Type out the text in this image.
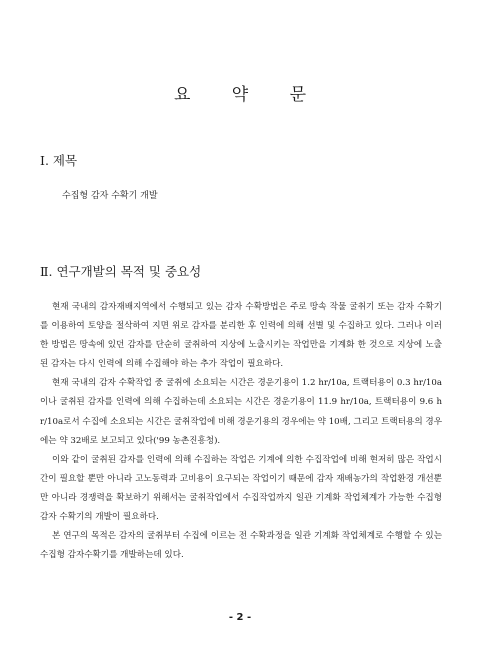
요 약 문
Ⅰ. 제목
수집형 감자 수확기 개발
Ⅱ. 연구개발의 목적 및 중요성

현재 국내의 감자재배지역에서 수행되고 있는 감자 수확방법은 주로 땅속 작물 굴취기 또는 감자 수확기를 이용하여 토양을 절삭하여 지면 위로 감자를 분리한 후 인력에 의해 선별 및 수집하고 있다. 그러나 이러한 방법은 땅속에 있던 감자를 단순히 굴취하여 지상에 노출시키는 작업만을 기계화 한 것으로 지상에 노출된 감자는 다시 인력에 의해 수집해야 하는 추가 작업이 필요하다.

현재 국내의 감자 수확작업 중 굴취에 소요되는 시간은 경운기용이 1.2 hr/10a, 트랙터용이 0.3 hr/10a이나 굴취된 감자를 인력에 의해 수집하는데 소요되는 시간은 경운기용이 11.9 hr/10a, 트랙터용이 9.6 hr/10a로서 수집에 소요되는 시간은 굴취작업에 비해 경운기용의 경우에는 약 10배, 그리고 트랙터용의 경우에는 약 32배로 보고되고 있다('99 농촌진흥청).

이와 같이 굴취된 감자를 인력에 의해 수집하는 작업은 기계에 의한 수집작업에 비해 현저히 많은 작업시간이 필요할 뿐만 아니라 고노동력과 고비용이 요구되는 작업이기 때문에 감자 재배농가의 작업환경 개선뿐만 아니라 경쟁력을 확보하기 위해서는 굴취작업에서 수집작업까지 일관 기계화 작업체계가 가능한 수집형 감자 수확기의 개발이 필요하다.

본 연구의 목적은 감자의 굴취부터 수집에 이르는 전 수확과정을 일관 기계화 작업체계로 수행할 수 있는 수집형 감자수확기를 개발하는데 있다.

- 2 -
